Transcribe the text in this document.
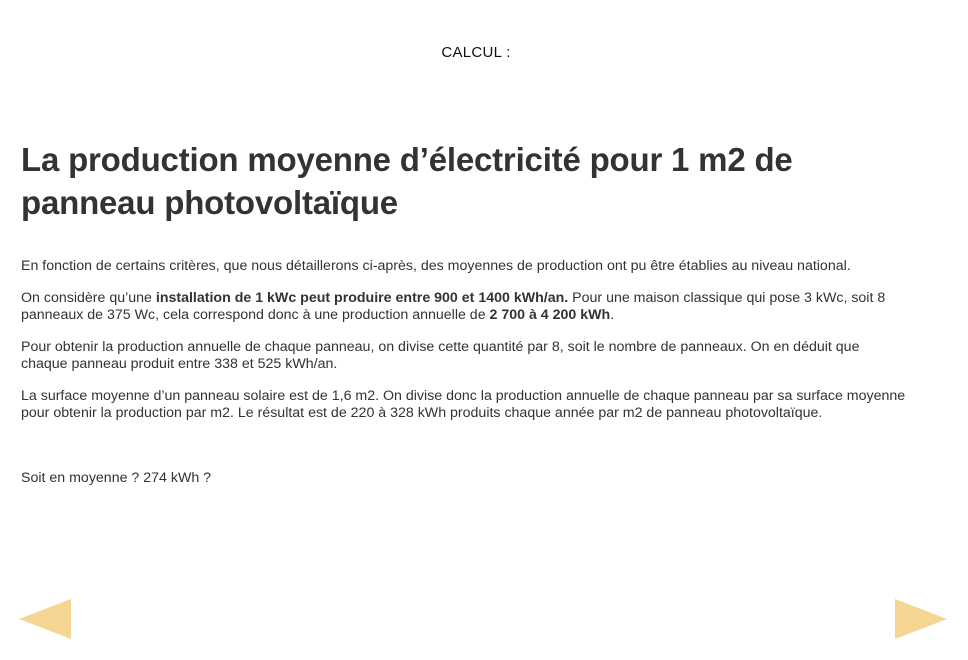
CALCUL :
La production moyenne d’électricité pour 1 m2 de panneau photovoltaïque

En fonction de certains critères, que nous détaillerons ci-après, des moyennes de production ont pu être établies au niveau national.

On considère qu’une installation de 1 kWc peut produire entre 900 et 1400 kWh/an. Pour une maison classique qui pose 3 kWc, soit 8
panneaux de 375 Wc, cela correspond donc à une production annuelle de 2 700 à 4 200 kWh.

Pour obtenir la production annuelle de chaque panneau, on divise cette quantité par 8, soit le nombre de panneaux. On en déduit que
chaque panneau produit entre 338 et 525 kWh/an.

La surface moyenne d’un panneau solaire est de 1,6 m2. On divise donc la production annuelle de chaque panneau par sa surface moyenne
pour obtenir la production par m2. Le résultat est de 220 à 328 kWh produits chaque année par m2 de panneau photovoltaïque.

Soit en moyenne ? 274 kWh ?
